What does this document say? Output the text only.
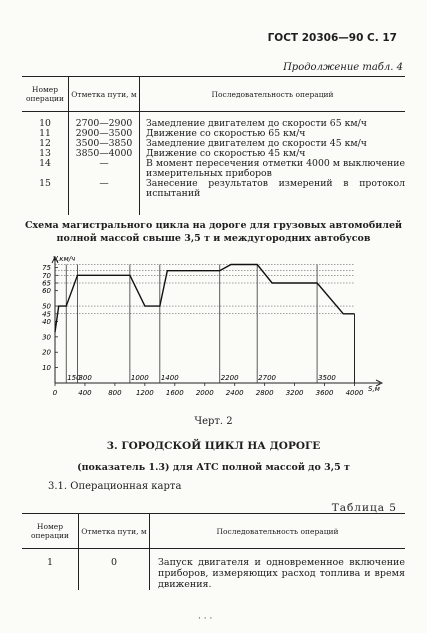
ГОСТ 20306—90 С. 17
Продолжение табл. 4
Номер операции	Отметка пути, м	Последовательность операций
10	2700—2900	Замедление двигателем до скорости 65 км/ч
11	2900—3500	Движение со скоростью 65 км/ч
12	3500—3850	Замедление двигателем до скорости 45 км/ч
13	3850—4000	Движение со скоростью 45 км/ч
14	—	В момент пересечения отметки 4000 м выключение измерительных приборов
15	—	Занесение результатов измерений в протокол испытаний
Схема магистрального цикла на дороге для грузовых автомобилей
полной массой свыше 3,5 т и междугородних автобусов
V,км/ч
S,м
10
20
30
40
45
50
60
65
70
75
0	400 800 1200 1600 2000 2400 2800 3200 3600 4000
150
300	1000 1400	2200	2700	3500
Черт. 2
3. ГОРОДСКОЙ ЦИКЛ НА ДОРОГЕ
(показатель 1.3) для АТС полной массой до 3,5 т
3.1. Операционная карта
Таблица 5
Номер операции	Отметка пути, м	Последовательность операций
1	0	Запуск двигателя и одновременное включение приборов, измеряющих расход топлива и время движения.
· · ·
